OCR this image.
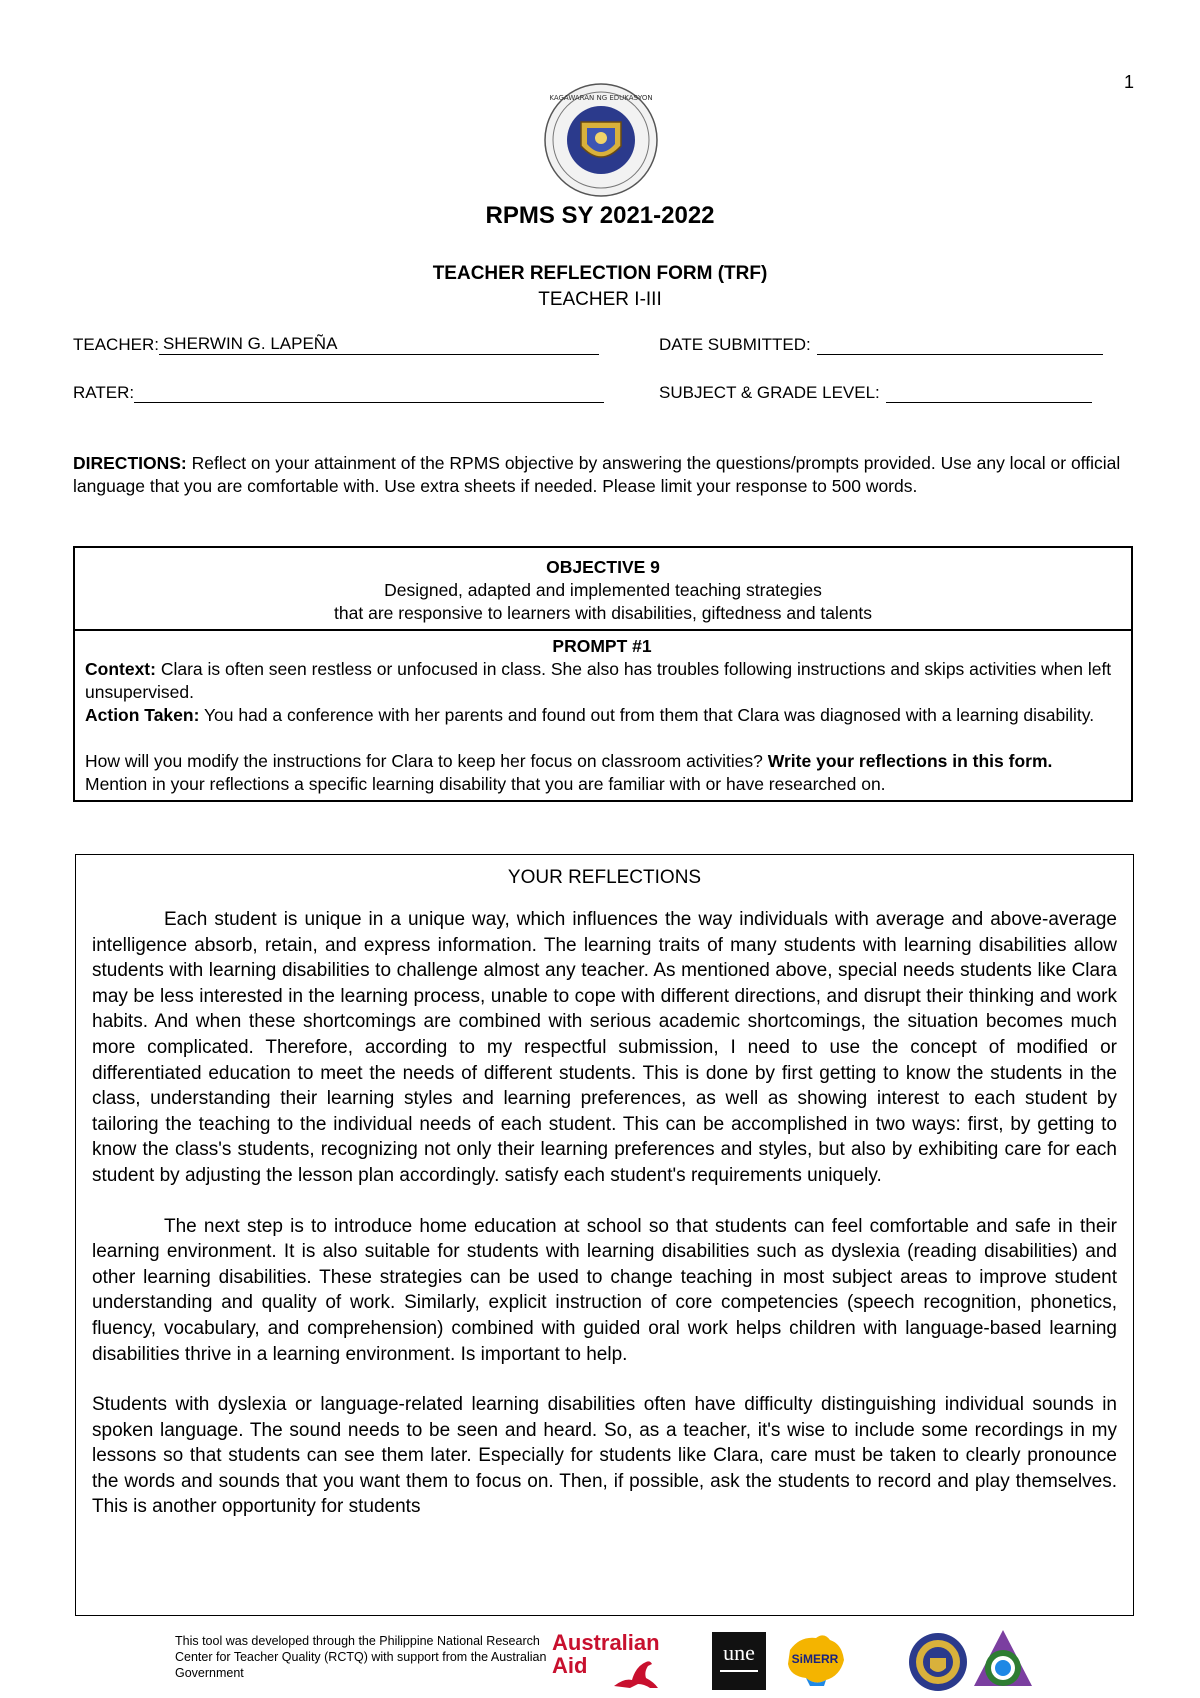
1
KAGAWARAN NG EDUKASYON
RPMS SY 2021-2022
TEACHER REFLECTION FORM (TRF)
TEACHER I-III
TEACHER: SHERWIN G. LAPEÑA	DATE SUBMITTED:
RATER:	SUBJECT & GRADE LEVEL:
DIRECTIONS: Reflect on your attainment of the RPMS objective by answering the questions/prompts provided. Use any local or official language that you are comfortable with. Use extra sheets if needed. Please limit your response to 500 words.
OBJECTIVE 9
Designed, adapted and implemented teaching strategies
that are responsive to learners with disabilities, giftedness and talents
PROMPT #1
Context: Clara is often seen restless or unfocused in class. She also has troubles following instructions and skips activities when left unsupervised.
Action Taken: You had a conference with her parents and found out from them that Clara was diagnosed with a learning disability.
How will you modify the instructions for Clara to keep her focus on classroom activities? Write your reflections in this form. Mention in your reflections a specific learning disability that you are familiar with or have researched on.
YOUR REFLECTIONS

Each student is unique in a unique way, which influences the way individuals with average and above-average intelligence absorb, retain, and express information. The learning traits of many students with learning disabilities allow students with learning disabilities to challenge almost any teacher. As mentioned above, special needs students like Clara may be less interested in the learning process, unable to cope with different directions, and disrupt their thinking and work habits. And when these shortcomings are combined with serious academic shortcomings, the situation becomes much more complicated. Therefore, according to my respectful submission, I need to use the concept of modified or differentiated education to meet the needs of different students. This is done by first getting to know the students in the class, understanding their learning styles and learning preferences, as well as showing interest to each student by tailoring the teaching to the individual needs of each student. This can be accomplished in two ways: first, by getting to know the class's students, recognizing not only their learning preferences and styles, but also by exhibiting care for each student by adjusting the lesson plan accordingly. satisfy each student's requirements uniquely.

The next step is to introduce home education at school so that students can feel comfortable and safe in their learning environment. It is also suitable for students with learning disabilities such as dyslexia (reading disabilities) and other learning disabilities. These strategies can be used to change teaching in most subject areas to improve student understanding and quality of work. Similarly, explicit instruction of core competencies (speech recognition, phonetics, fluency, vocabulary, and comprehension) combined with guided oral work helps children with language-based learning disabilities thrive in a learning environment. Is important to help.

Students with dyslexia or language-related learning disabilities often have difficulty distinguishing individual sounds in spoken language. The sound needs to be seen and heard. So, as a teacher, it's wise to include some recordings in my lessons so that students can see them later. Especially for students like Clara, care must be taken to clearly pronounce the words and sounds that you want them to focus on. Then, if possible, ask the students to record and play themselves. This is another opportunity for students

This tool was developed through the Philippine National Research Center for Teacher Quality (RCTQ) with support from the Australian Government
Australian
Aid
une	SiMERR
